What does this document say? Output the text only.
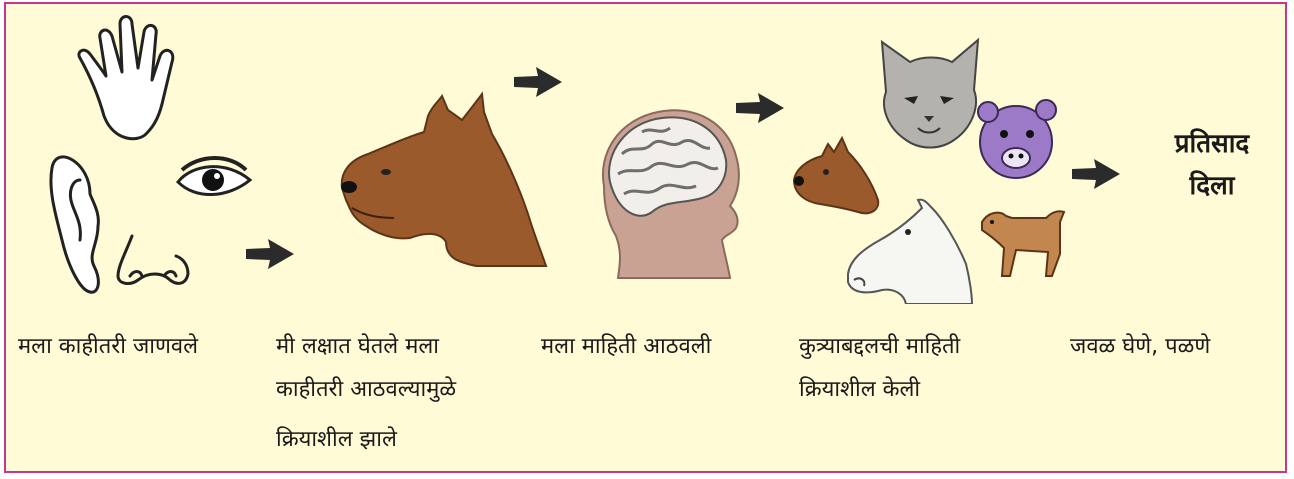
प्रतिसाद
दिला
मला काहीतरी जाणवले	मी लक्षात घेतले मला
काहीतरी आठवल्यामुळे
क्रियाशील झाले
मला माहिती आठवली	कुत्र्याबद्दलची माहिती
क्रियाशील केली
जवळ घेणे, पळणे
